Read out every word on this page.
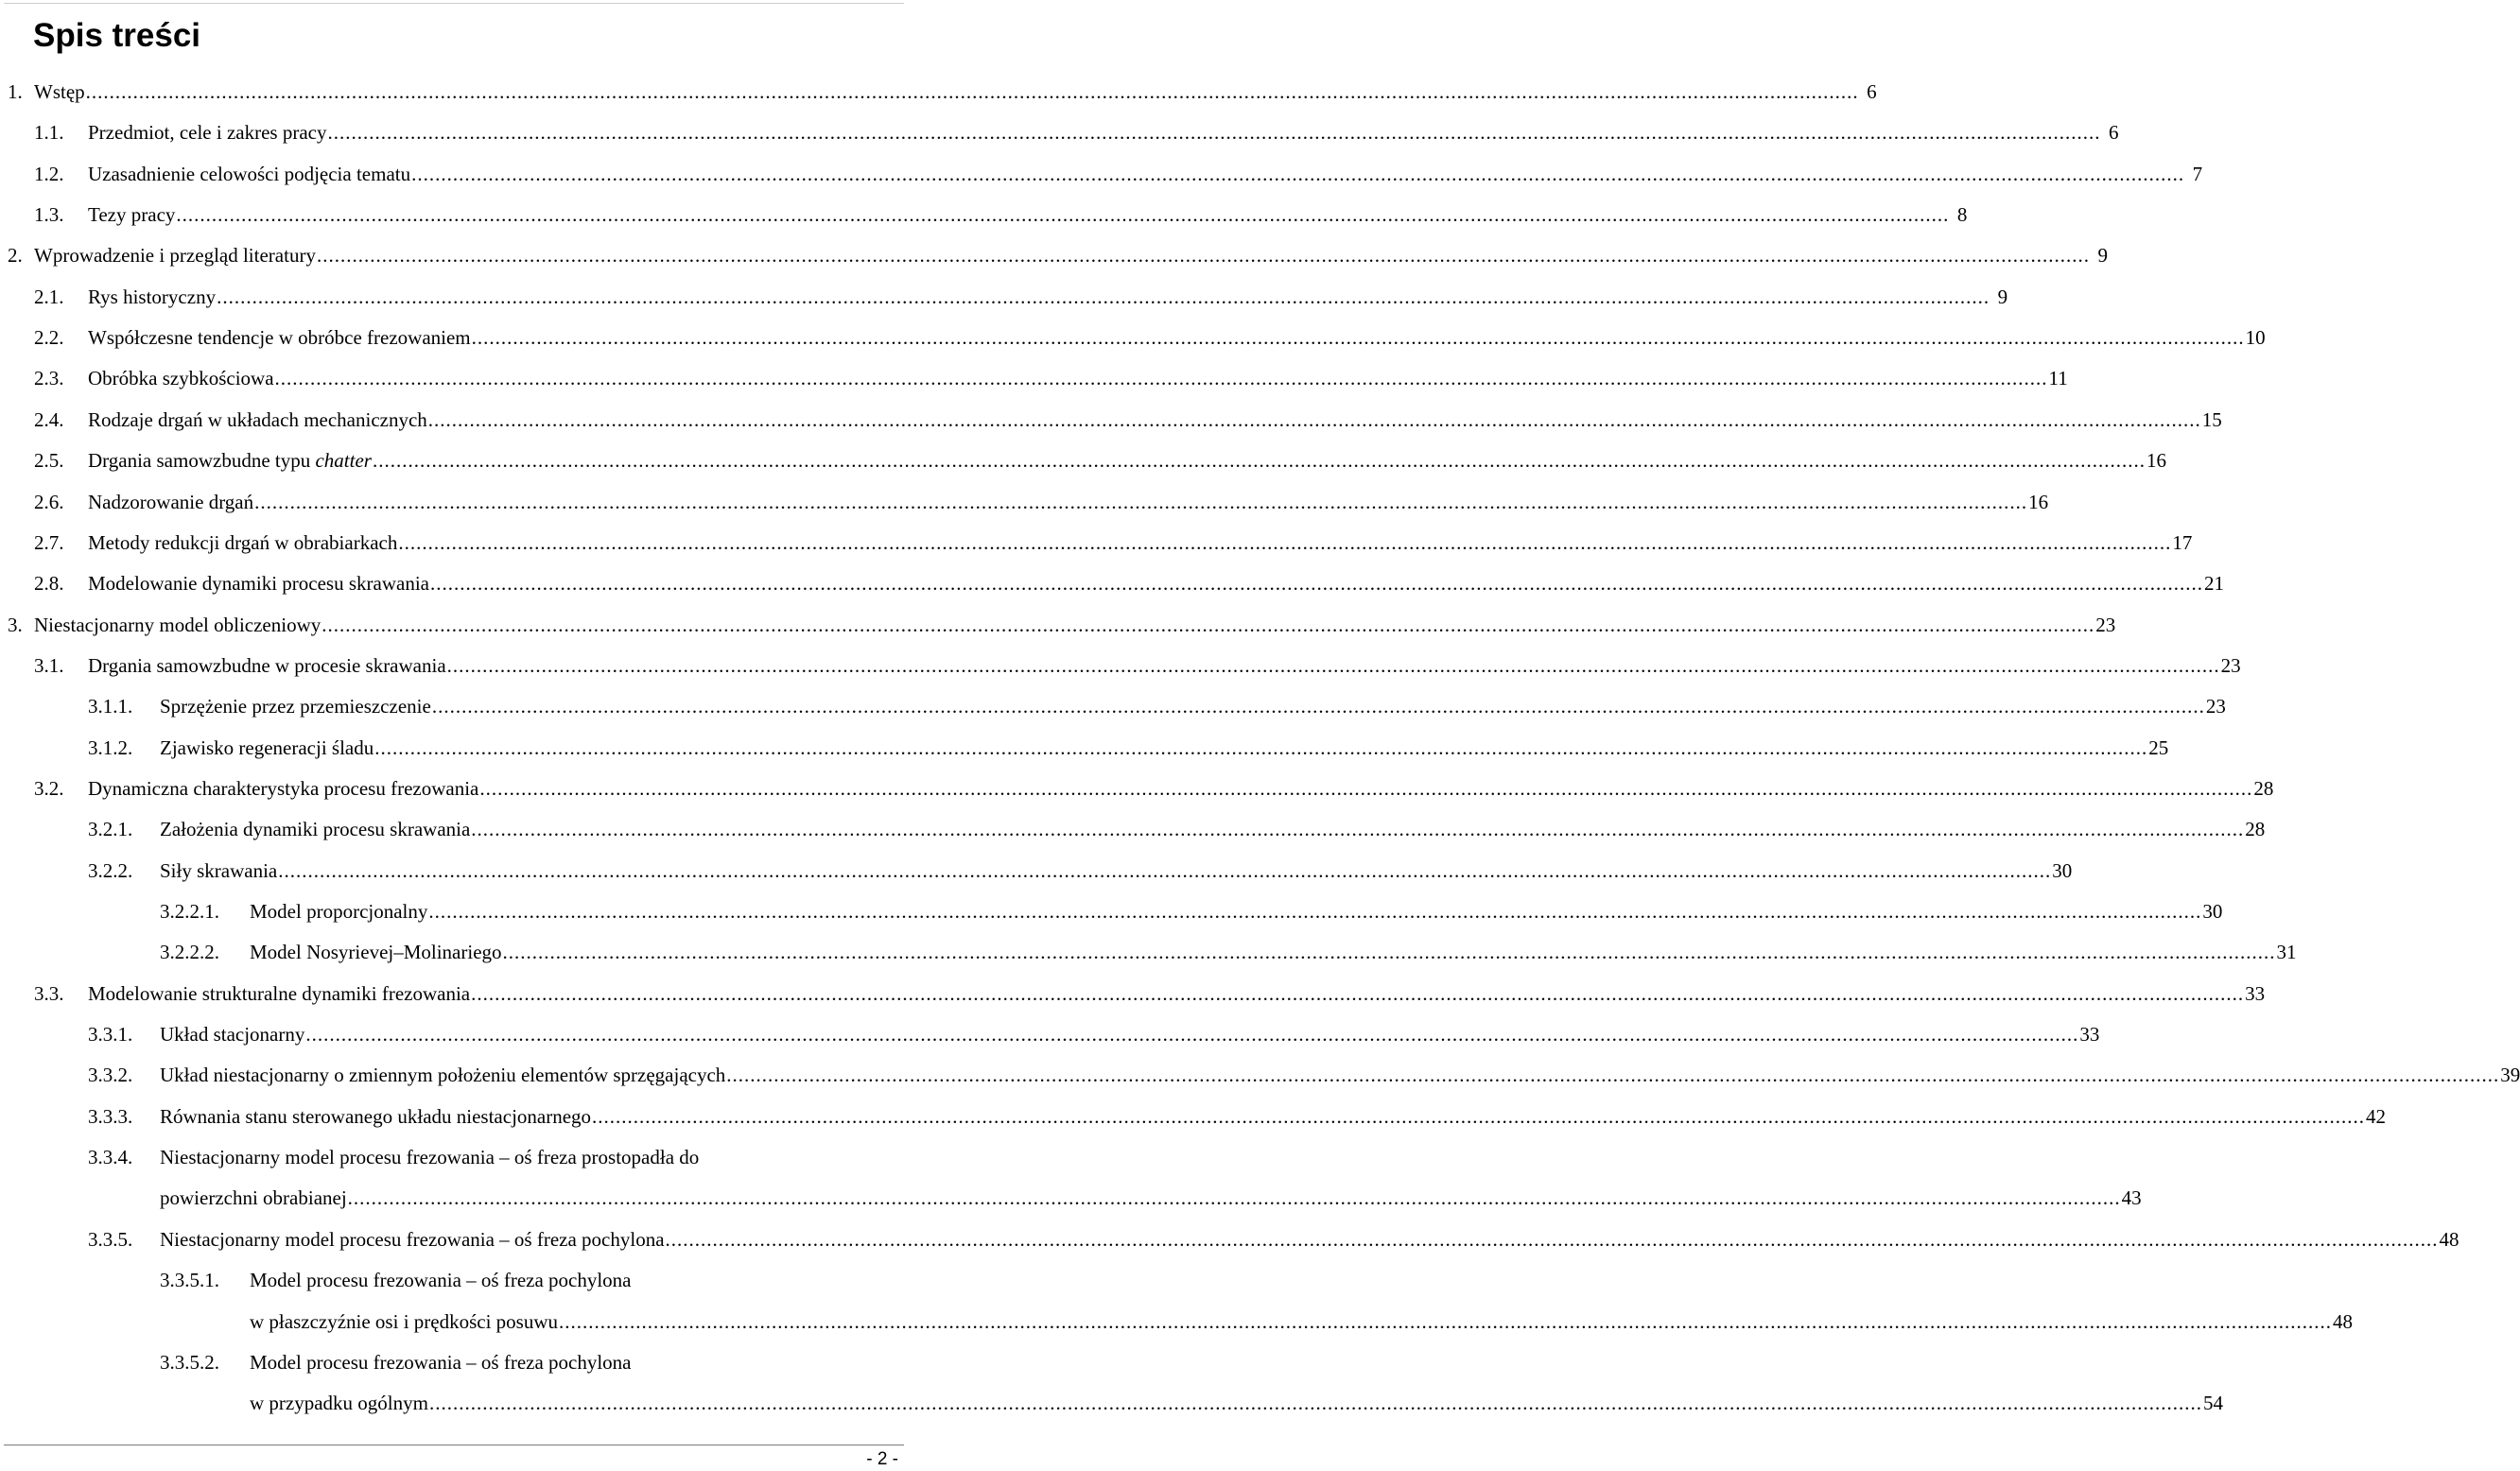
Spis treści
1. Wstęp ............................................................................................................................................................................................................................................................................................................ 6
1.1. Przedmiot, cele i zakres pracy ............................................................................................................................................................................................................................................................................................................ 6
1.2. Uzasadnienie celowości podjęcia tematu ............................................................................................................................................................................................................................................................................................................ 7
1.3. Tezy pracy ............................................................................................................................................................................................................................................................................................................ 8
2. Wprowadzenie i przegląd literatury ............................................................................................................................................................................................................................................................................................................ 9
2.1. Rys historyczny ............................................................................................................................................................................................................................................................................................................ 9
2.2. Współczesne tendencje w obróbce frezowaniem ............................................................................................................................................................................................................................................................................................................ 10
2.3. Obróbka szybkościowa ............................................................................................................................................................................................................................................................................................................ 11
2.4. Rodzaje drgań w układach mechanicznych ............................................................................................................................................................................................................................................................................................................ 15
2.5. Drgania samowzbudne typu chatter ............................................................................................................................................................................................................................................................................................................ 16
2.6. Nadzorowanie drgań ............................................................................................................................................................................................................................................................................................................ 16
2.7. Metody redukcji drgań w obrabiarkach ............................................................................................................................................................................................................................................................................................................ 17
2.8. Modelowanie dynamiki procesu skrawania ............................................................................................................................................................................................................................................................................................................ 21
3. Niestacjonarny model obliczeniowy ............................................................................................................................................................................................................................................................................................................ 23
3.1. Drgania samowzbudne w procesie skrawania ............................................................................................................................................................................................................................................................................................................ 23
3.1.1. Sprzężenie przez przemieszczenie ............................................................................................................................................................................................................................................................................................................ 23
3.1.2. Zjawisko regeneracji śladu ............................................................................................................................................................................................................................................................................................................ 25
3.2. Dynamiczna charakterystyka procesu frezowania ............................................................................................................................................................................................................................................................................................................ 28
3.2.1. Założenia dynamiki procesu skrawania ............................................................................................................................................................................................................................................................................................................ 28
3.2.2. Siły skrawania ............................................................................................................................................................................................................................................................................................................ 30
3.2.2.1. Model proporcjonalny ............................................................................................................................................................................................................................................................................................................ 30
3.2.2.2. Model Nosyrievej–Molinariego ............................................................................................................................................................................................................................................................................................................ 31
3.3. Modelowanie strukturalne dynamiki frezowania ............................................................................................................................................................................................................................................................................................................ 33
3.3.1. Układ stacjonarny ............................................................................................................................................................................................................................................................................................................ 33
3.3.2. Układ niestacjonarny o zmiennym położeniu elementów sprzęgających ............................................................................................................................................................................................................................................................................................................ 39
3.3.3. Równania stanu sterowanego układu niestacjonarnego ............................................................................................................................................................................................................................................................................................................ 42
3.3.4. Niestacjonarny model procesu frezowania – oś freza prostopadła do
powierzchni obrabianej ............................................................................................................................................................................................................................................................................................................ 43
3.3.5. Niestacjonarny model procesu frezowania – oś freza pochylona ............................................................................................................................................................................................................................................................................................................ 48
3.3.5.1. Model procesu frezowania – oś freza pochylona
w płaszczyźnie osi i prędkości posuwu ............................................................................................................................................................................................................................................................................................................ 48
3.3.5.2. Model procesu frezowania – oś freza pochylona
w przypadku ogólnym ............................................................................................................................................................................................................................................................................................................ 54
- 2 -
